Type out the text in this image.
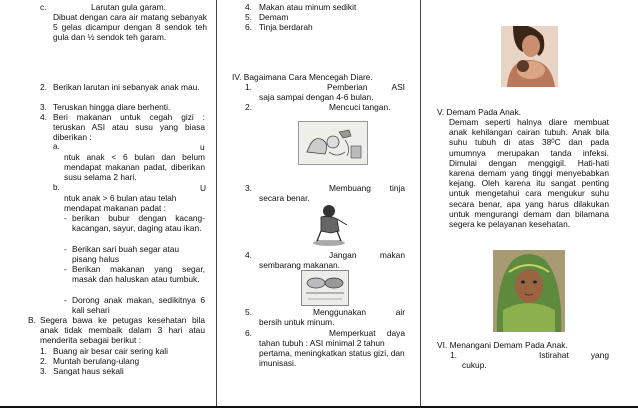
c.	Larutan gula garam.
Dibuat dengan cara air matang sebanyak 5 gelas dicampur dengan 8 sendok teh gula dan ½ sendok teh garam.
2. Berikan larutan ini sebanyak anak mau.
3. Teruskan hingga diare berhenti.
4. Beri makanan untuk cegah gizi : teruskan ASI atau susu yang biasa diberikan :
a.	u
ntuk anak < 6 bulan dan belum mendapat makanan padat, diberikan susu selama 2 hari.
b.	U
ntuk anak > 6 bulan atau telah mendapat makanan padat :
- berikan bubur dengan kacang-kacangan, sayur, daging atau ikan.
- Berikan sari buah segar atau pisang halus
- Berikan makanan yang segar, masak dan haluskan atau tumbuk.
- Dorong anak makan, sedikitnya 6 kali sehari
B. Segera bawa ke petugas kesehatan bila anak tidak membaik dalam 3 hari atau menderita sebagai berikut :
1. Buang air besar cair sering kali
2. Muntah berulang-ulang
3. Sangat haus sekali
4. Makan atau minum sedikit
5. Demam
6. Tinja berdarah
IV. Bagaimana Cara Mencegah Diare.
1.	Pemberian ASI
saja sampai dengan 4-6 bulan.
2.	Mencuci tangan.
3.	Membuang tinja
secara benar.
4.	Jangan makan
sembarang makanan.
5.	Menggunakan air
bersih untuk minum.
6.	Memperkuat daya
tahan tubuh : ASI minimal 2 tahun pertama, meningkatkan status gizi, dan imunisasi.
V. Demam Pada Anak.
Demam seperti halnya diare membuat anak kehilangan cairan tubuh. Anak bila suhu tubuh di atas $38^0C$ dan pada umumnya merupakan tanda infeksi. Dimulai dengan menggigil. Hati-hati karena demam yang tinggi menyebabkan kejang. Oleh karena itu sangat penting untuk mengetahui cara mengukur suhu secara benar, apa yang harus dilakukan untuk mengurangi demam dan bilamana segera ke pelayanan kesehatan.
VI. Menangani Demam Pada Anak.
1.	Istirahat yang
cukup.
